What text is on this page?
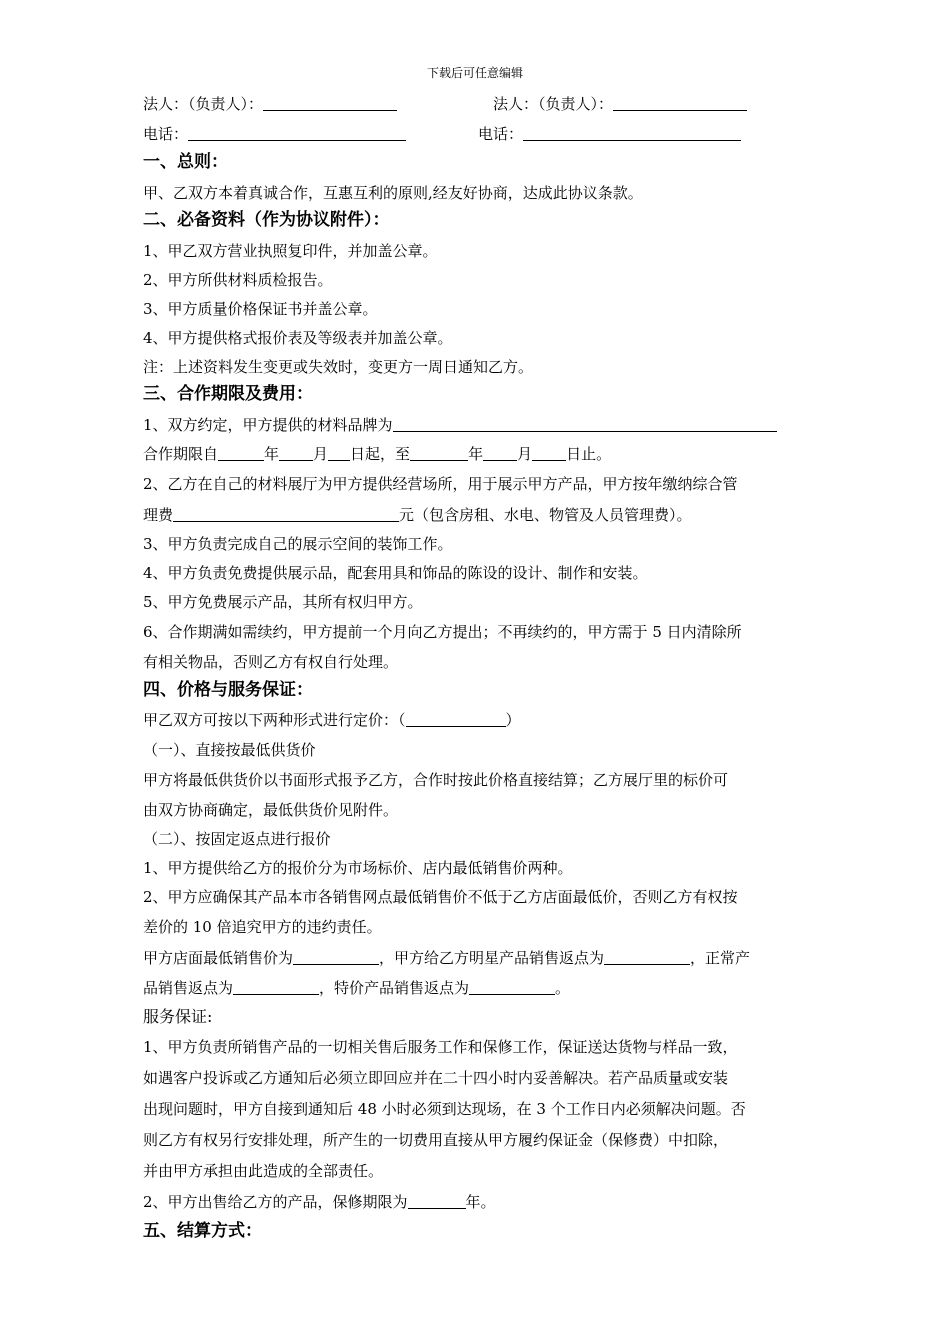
下载后可任意编辑
法人：（负责人）：	法人：（负责人）：
电话：	电话：
一、总则：
甲、乙双方本着真诚合作，互惠互利的原则,经友好协商，达成此协议条款。
二、必备资料（作为协议附件）：
1、甲乙双方营业执照复印件，并加盖公章。
2、甲方所供材料质检报告。
3、甲方质量价格保证书并盖公章。
4、甲方提供格式报价表及等级表并加盖公章。
注：上述资料发生变更或失效时，变更方一周日通知乙方。
三、合作期限及费用：
1、双方约定，甲方提供的材料品牌为
合作期限自	年 月 日起，至	年 月 日止。
2、乙方在自己的材料展厅为甲方提供经营场所，用于展示甲方产品，甲方按年缴纳综合管
理费	元（包含房租、水电、物管及人员管理费）。
3、甲方负责完成自己的展示空间的装饰工作。
4、甲方负责免费提供展示品，配套用具和饰品的陈设的设计、制作和安装。
5、甲方免费展示产品，其所有权归甲方。
6、合作期满如需续约，甲方提前一个月向乙方提出；不再续约的，甲方需于 5 日内清除所
有相关物品，否则乙方有权自行处理。
四、价格与服务保证：
甲乙双方可按以下两种形式进行定价：（	）
（一）、直接按最低供货价
甲方将最低供货价以书面形式报予乙方，合作时按此价格直接结算；乙方展厅里的标价可
由双方协商确定，最低供货价见附件。
（二）、按固定返点进行报价
1、甲方提供给乙方的报价分为市场标价、店内最低销售价两种。
2、甲方应确保其产品本市各销售网点最低销售价不低于乙方店面最低价，否则乙方有权按
差价的 10 倍追究甲方的违约责任。
甲方店面最低销售价为	，甲方给乙方明星产品销售返点为	，正常产
品销售返点为	，特价产品销售返点为	。
服务保证:
1、甲方负责所销售产品的一切相关售后服务工作和保修工作，保证送达货物与样品一致，
如遇客户投诉或乙方通知后必须立即回应并在二十四小时内妥善解决。若产品质量或安装
出现问题时，甲方自接到通知后 48 小时必须到达现场，在 3 个工作日内必须解决问题。否
则乙方有权另行安排处理，所产生的一切费用直接从甲方履约保证金（保修费）中扣除，
并由甲方承担由此造成的全部责任。
2、甲方出售给乙方的产品，保修期限为	年。
五、结算方式：
